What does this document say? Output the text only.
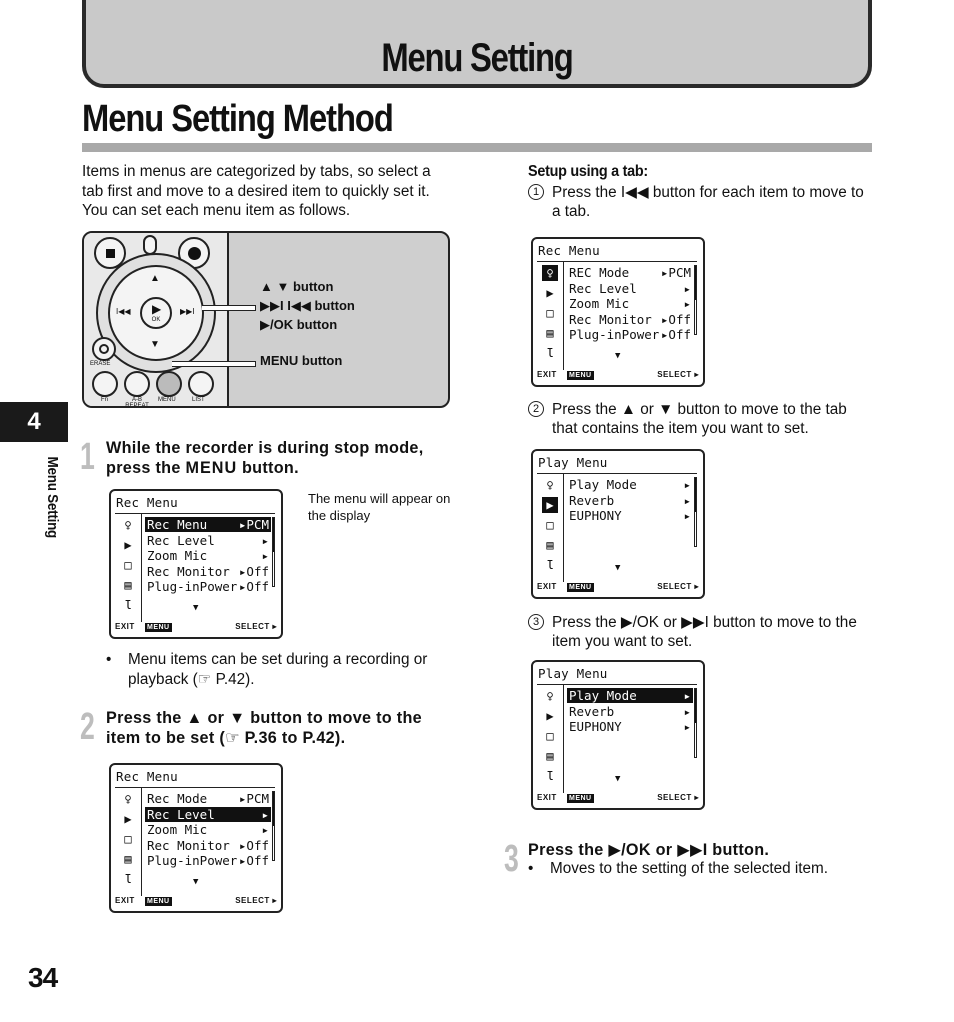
Menu Setting
Menu Setting Method
4
Menu Setting
34
Items in menus are categorized by tabs, so select a tab first and move to a desired item to quickly set it. You can set each menu item as follows.
▲
▼
I◀◀	▶▶I
▶
OK
ERASE
Fn	A-B REPEAT
MENU	LIST
▲ ▼ button
▶▶I I◀◀ button
▶/OK button
MENU button
1 While the recorder is during stop mode, press the MENU button.
Rec Menu
♀
▶
□
▤
Ɩ
Rec Menu	▸PCM
Rec Level	▸
Zoom Mic	▸
Rec Monitor ▸Off
Plug-inPower ▸Off
▼
EXIT MENU	SELECT ▸
The menu will appear on the display
• Menu items can be set during a recording or playback (☞ P.42).
2 Press the ▲ or ▼ button to move to the item to be set (☞ P.36 to P.42).
Rec Menu
♀
▶
□
▤
Ɩ
Rec Mode	▸PCM
Rec Level	▸
Zoom Mic	▸
Rec Monitor ▸Off
Plug-inPower ▸Off
▼
EXIT MENU	SELECT ▸
Setup using a tab:
1 Press the I◀◀ button for each item to move to a tab.
Rec Menu
♀
▶
□
▤
Ɩ
REC Mode	▸PCM
Rec Level	▸
Zoom Mic	▸
Rec Monitor ▸Off
Plug-inPower ▸Off
▼
EXIT MENU	SELECT ▸
2 Press the ▲ or ▼ button to move to the tab that contains the item you want to set.
Play Menu
♀
▶
□
▤
Ɩ
Play Mode	▸
Reverb	▸
EUPHONY	▸
▼
EXIT MENU	SELECT ▸
3 Press the ▶/OK or ▶▶I button to move to the item you want to set.
Play Menu
♀
▶
□
▤
Ɩ
Play Mode	▸
Reverb	▸
EUPHONY	▸
▼
EXIT MENU	SELECT ▸
3 Press the ▶/OK or ▶▶I button.
• Moves to the setting of the selected item.
